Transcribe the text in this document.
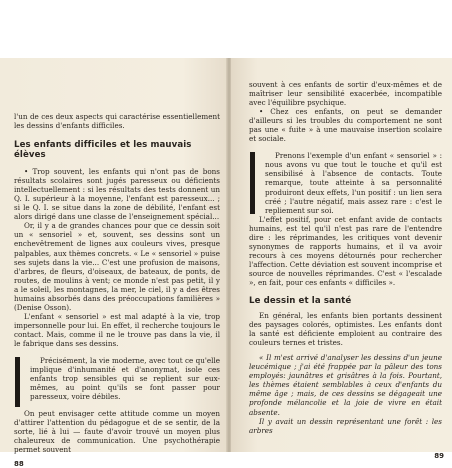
l'un de ces deux aspects qui caractérise essentiellement les dessins d'enfants difficiles.

Les enfants difficiles et les mauvais élèves

• Trop souvent, les enfants qui n'ont pas de bons résultats scolaires sont jugés paresseux ou déficients intellectuellement : si les résultats des tests donnent un Q. I. supérieur à la moyenne, l'enfant est paresseux... ; si le Q. I. se situe dans la zone de débilité, l'enfant est alors dirigé dans une classe de l'enseignement spécial...

Or, il y a de grandes chances pour que ce dessin soit un « sensoriel » et, souvent, ses dessins sont un enchevêtrement de lignes aux couleurs vives, presque palpables, aux thèmes concrets. « Le « sensoriel » puise ses sujets dans la vie... C'est une profusion de maisons, d'arbres, de fleurs, d'oiseaux, de bateaux, de ponts, de routes, de moulins à vent; ce monde n'est pas petit, il y a le soleil, les montagnes, la mer, le ciel, il y a des êtres humains absorbés dans des préoccupations familières » (Denise Osson).

L'enfant « sensoriel » est mal adapté à la vie, trop impersonnelle pour lui. En effet, il recherche toujours le contact. Mais, comme il ne le trouve pas dans la vie, il le fabrique dans ses dessins.

Précisément, la vie moderne, avec tout ce qu'elle implique d'inhumanité et d'anonymat, isole ces enfants trop sensibles qui se replient sur eux-mêmes, au point qu'ils se font passer pour paresseux, voire débiles.

On peut envisager cette attitude comme un moyen d'attirer l'attention du pédagogue et de se sentir, de la sorte, lié à lui — faute d'avoir trouvé un moyen plus chaleureux de communication. Une psychothérapie permet souvent

88

souvent à ces enfants de sortir d'eux-mêmes et de maîtriser leur sensibilité exacerbée, incompatible avec l'équilibre psychique.

• Chez ces enfants, on peut se demander d'ailleurs si les troubles du comportement ne sont pas une « fuite » à une mauvaise insertion scolaire et sociale.

Prenons l'exemple d'un enfant « sensoriel » : nous avons vu que tout le touche et qu'il est sensibilisé à l'absence de contacts. Toute remarque, toute atteinte à sa personnalité produiront deux effets, l'un positif : un lien sera créé ; l'autre négatif, mais assez rare : c'est le repliement sur soi.

L'effet positif, pour cet enfant avide de contacts humains, est tel qu'il n'est pas rare de l'entendre dire : les réprimandes, les critiques vont devenir synonymes de rapports humains, et il va avoir recours à ces moyens détournés pour rechercher l'affection. Cette déviation est souvent incomprise et source de nouvelles réprimandes. C'est « l'escalade », en fait, pour ces enfants « difficiles ».

Le dessin et la santé

En général, les enfants bien portants dessinent des paysages colorés, optimistes. Les enfants dont la santé est déficiente emploient au contraire des couleurs ternes et tristes.

« Il m'est arrivé d'analyser les dessins d'un jeune leucémique ; j'ai été frappée par la pâleur des tons employés: jaunâtres et grisâtres à la fois. Pourtant, les thèmes étaient semblables à ceux d'enfants du même âge ; mais, de ces dessins se dégageait une profonde mélancolie et la joie de vivre en était absente.

Il y avait un dessin représentant une forêt : les arbres

89
